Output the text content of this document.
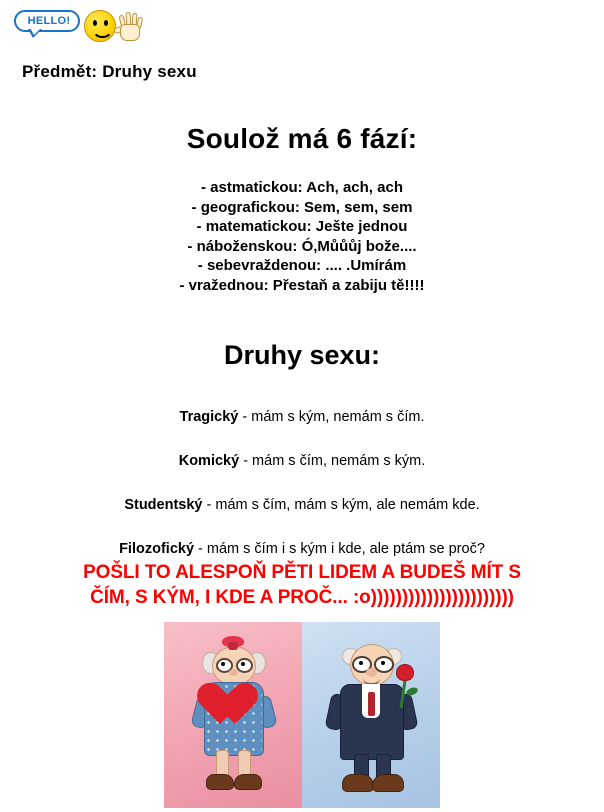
HELLO!
Předmět: Druhy sexu
Soulož má 6 fází:
- astmatickou: Ach, ach, ach
- geografickou: Sem, sem, sem
- matematickou: Ješte jednou
- náboženskou: Ó,Můůůj bože....
- sebevraždenou: .... .Umírám
- vražednou: Přestaň a zabiju tě!!!!
Druhy sexu:
Tragický - mám s kým, nemám s čím.
Komický - mám s čím, nemám s kým.
Studentský - mám s čím, mám s kým, ale nemám kde.
Filozofický - mám s čím i s kým i kde, ale ptám se proč?
POŠLI TO ALESPOŇ PĚTI LIDEM A BUDEŠ MÍT S
ČÍM, S KÝM, I KDE A PROČ... :o)))))))))))))))))))))))
